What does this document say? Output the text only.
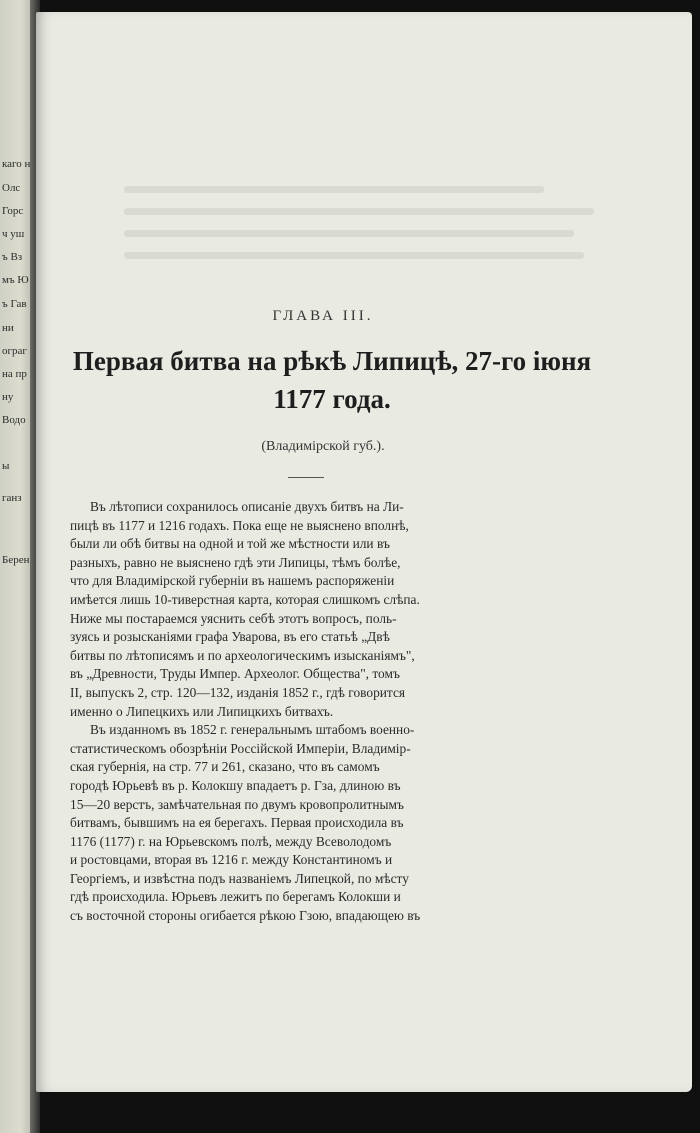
каго н
Олс
Горс
ч уш
ъ Вз
мъ Ю
ъ Гав
ни
ограг
на пр
ну
Водо
ы
ганз
Берен
ГЛАВА III.
Первая битва на рѣкѣ Липицѣ, 27-го іюня
1177 года.
(Владимірской губ.).
Въ лѣтописи сохранилось описаніе двухъ битвъ на Ли-
пицѣ въ 1177 и 1216 годахъ. Пока еще не выяснено вполнѣ,
были ли обѣ битвы на одной и той же мѣстности или въ
разныхъ, равно не выяснено гдѣ эти Липицы, тѣмъ болѣе,
что для Владимірской губерніи въ нашемъ распоряженіи
имѣется лишь 10-тиверстная карта, которая слишкомъ слѣпа.
Ниже мы постараемся уяснить себѣ этотъ вопросъ, поль-
зуясь и розысканіями графа Уварова, въ его статьѣ „Двѣ
битвы по лѣтописямъ и по археологическимъ изысканіямъ",
въ „Древности, Труды Импер. Археолог. Общества", томъ
II, выпускъ 2, стр. 120—132, изданія 1852 г., гдѣ говорится
именно о Липецкихъ или Липицкихъ битвахъ.
Въ изданномъ въ 1852 г. генеральнымъ штабомъ военно-
статистическомъ обозрѣніи Россійской Имперіи, Владимір-
ская губернія, на стр. 77 и 261, сказано, что въ самомъ
городѣ Юрьевѣ въ р. Колокшу впадаетъ р. Гза, длиною въ
15—20 верстъ, замѣчательная по двумъ кровопролитнымъ
битвамъ, бывшимъ на ея берегахъ. Первая происходила въ
1176 (1177) г. на Юрьевскомъ полѣ, между Всеволодомъ
и ростовцами, вторая въ 1216 г. между Константиномъ и
Георгіемъ, и извѣстна подъ названіемъ Липецкой, по мѣсту
гдѣ происходила. Юрьевъ лежитъ по берегамъ Колокши и
съ восточной стороны огибается рѣкою Гзою, впадающею въ
